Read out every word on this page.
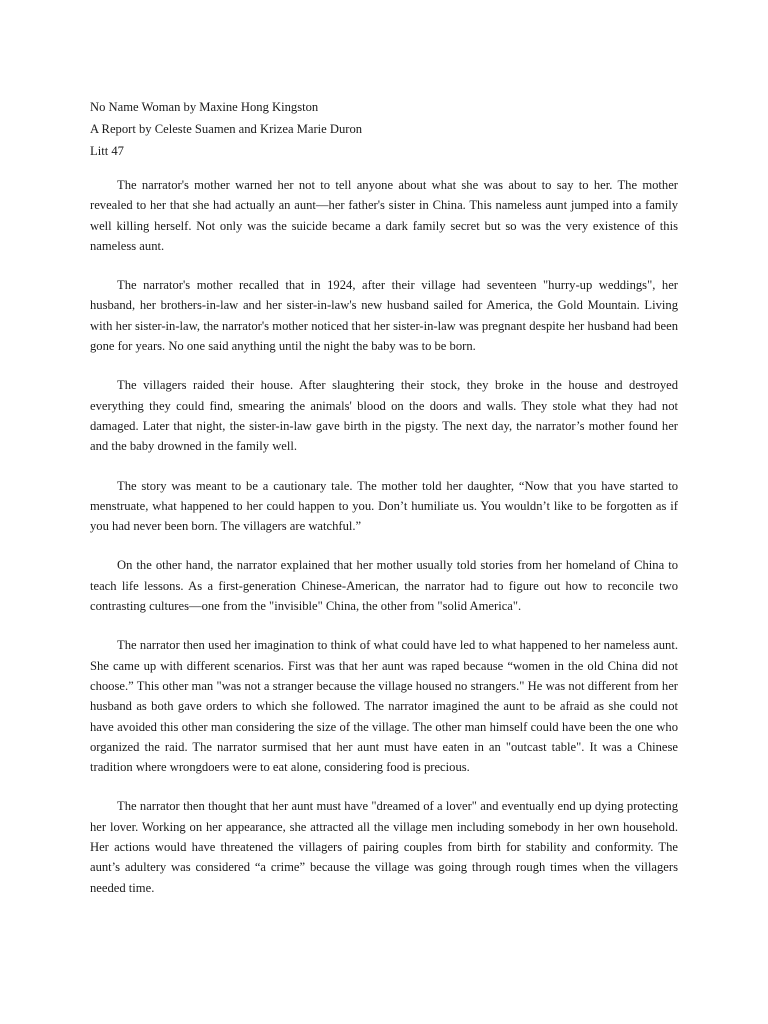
No Name Woman by Maxine Hong Kingston

A Report by Celeste Suamen and Krizea Marie Duron

Litt 47

The narrator's mother warned her not to tell anyone about what she was about to say to her. The mother revealed to her that she had actually an aunt—her father's sister in China. This nameless aunt jumped into a family well killing herself. Not only was the suicide became a dark family secret but so was the very existence of this nameless aunt.

The narrator's mother recalled that in 1924, after their village had seventeen "hurry-up weddings", her husband, her brothers-in-law and her sister-in-law's new husband sailed for America, the Gold Mountain. Living with her sister-in-law, the narrator's mother noticed that her sister-in-law was pregnant despite her husband had been gone for years. No one said anything until the night the baby was to be born.

The villagers raided their house. After slaughtering their stock, they broke in the house and destroyed everything they could find, smearing the animals' blood on the doors and walls. They stole what they had not damaged. Later that night, the sister-in-law gave birth in the pigsty. The next day, the narrator’s mother found her and the baby drowned in the family well.

The story was meant to be a cautionary tale. The mother told her daughter, “Now that you have started to menstruate, what happened to her could happen to you. Don’t humiliate us. You wouldn’t like to be forgotten as if you had never been born. The villagers are watchful.”

On the other hand, the narrator explained that her mother usually told stories from her homeland of China to teach life lessons. As a first-generation Chinese-American, the narrator had to figure out how to reconcile two contrasting cultures—one from the "invisible" China, the other from "solid America".

The narrator then used her imagination to think of what could have led to what happened to her nameless aunt. She came up with different scenarios. First was that her aunt was raped because “women in the old China did not choose.” This other man "was not a stranger because the village housed no strangers." He was not different from her husband as both gave orders to which she followed. The narrator imagined the aunt to be afraid as she could not have avoided this other man considering the size of the village. The other man himself could have been the one who organized the raid. The narrator surmised that her aunt must have eaten in an "outcast table". It was a Chinese tradition where wrongdoers were to eat alone, considering food is precious.

The narrator then thought that her aunt must have "dreamed of a lover" and eventually end up dying protecting her lover. Working on her appearance, she attracted all the village men including somebody in her own household. Her actions would have threatened the villagers of pairing couples from birth for stability and conformity. The aunt’s adultery was considered “a crime” because the village was going through rough times when the villagers needed time.
